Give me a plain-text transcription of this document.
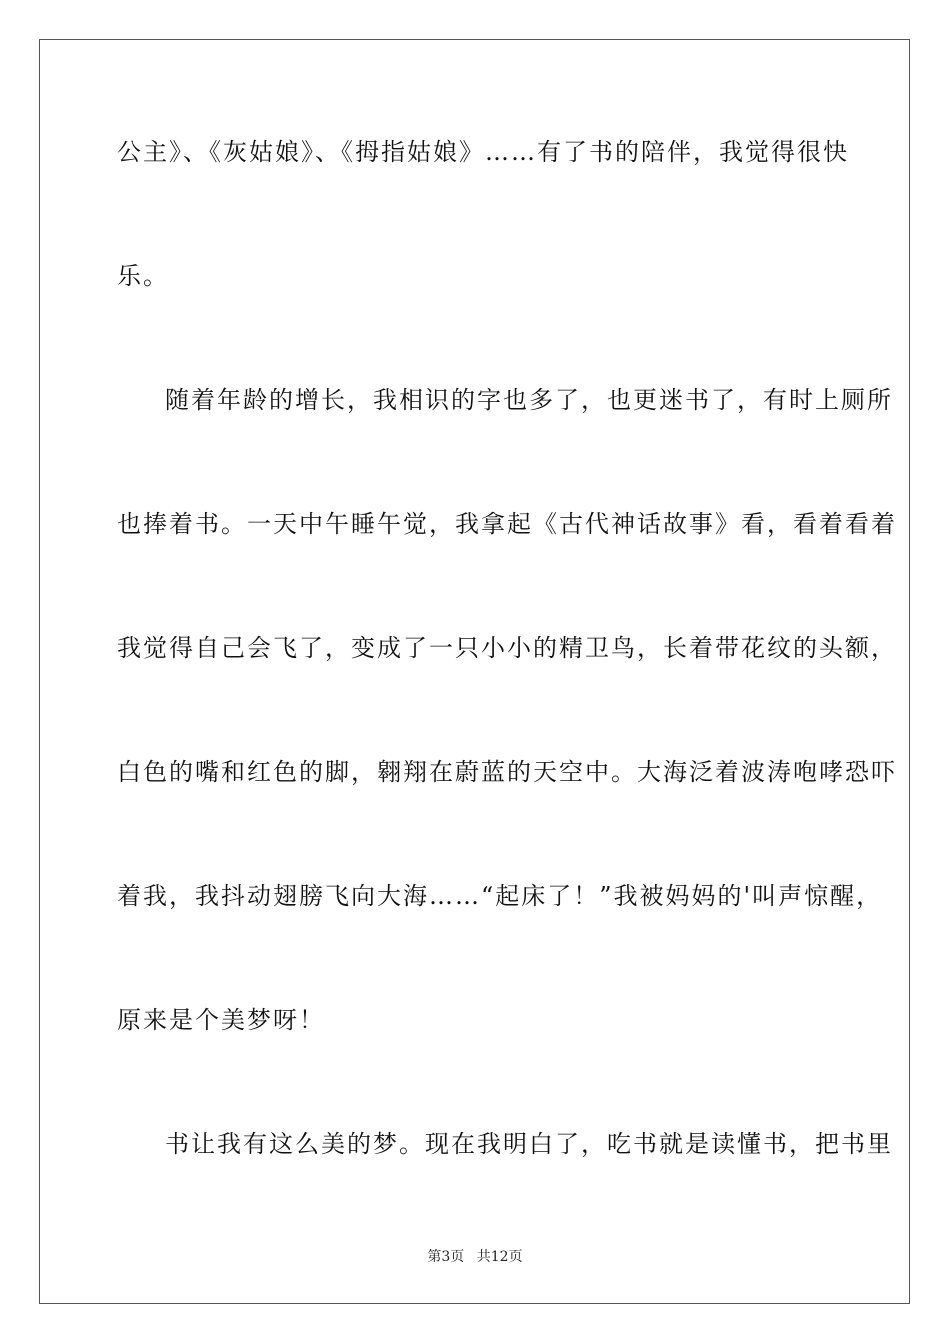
公主》、《灰姑娘》、《拇指姑娘》……有了书的陪伴，我觉得很快
乐。
随着年龄的增长，我相识的字也多了，也更迷书了，有时上厕所
也捧着书。一天中午睡午觉，我拿起《古代神话故事》看，看着看着
我觉得自己会飞了，变成了一只小小的精卫鸟，长着带花纹的头额，
白色的嘴和红色的脚，翱翔在蔚蓝的天空中。大海泛着波涛咆哮恐吓
着我，我抖动翅膀飞向大海……“起床了！”我被妈妈的'叫声惊醒，
原来是个美梦呀！
书让我有这么美的梦。现在我明白了，吃书就是读懂书，把书里
第3页 共12页
